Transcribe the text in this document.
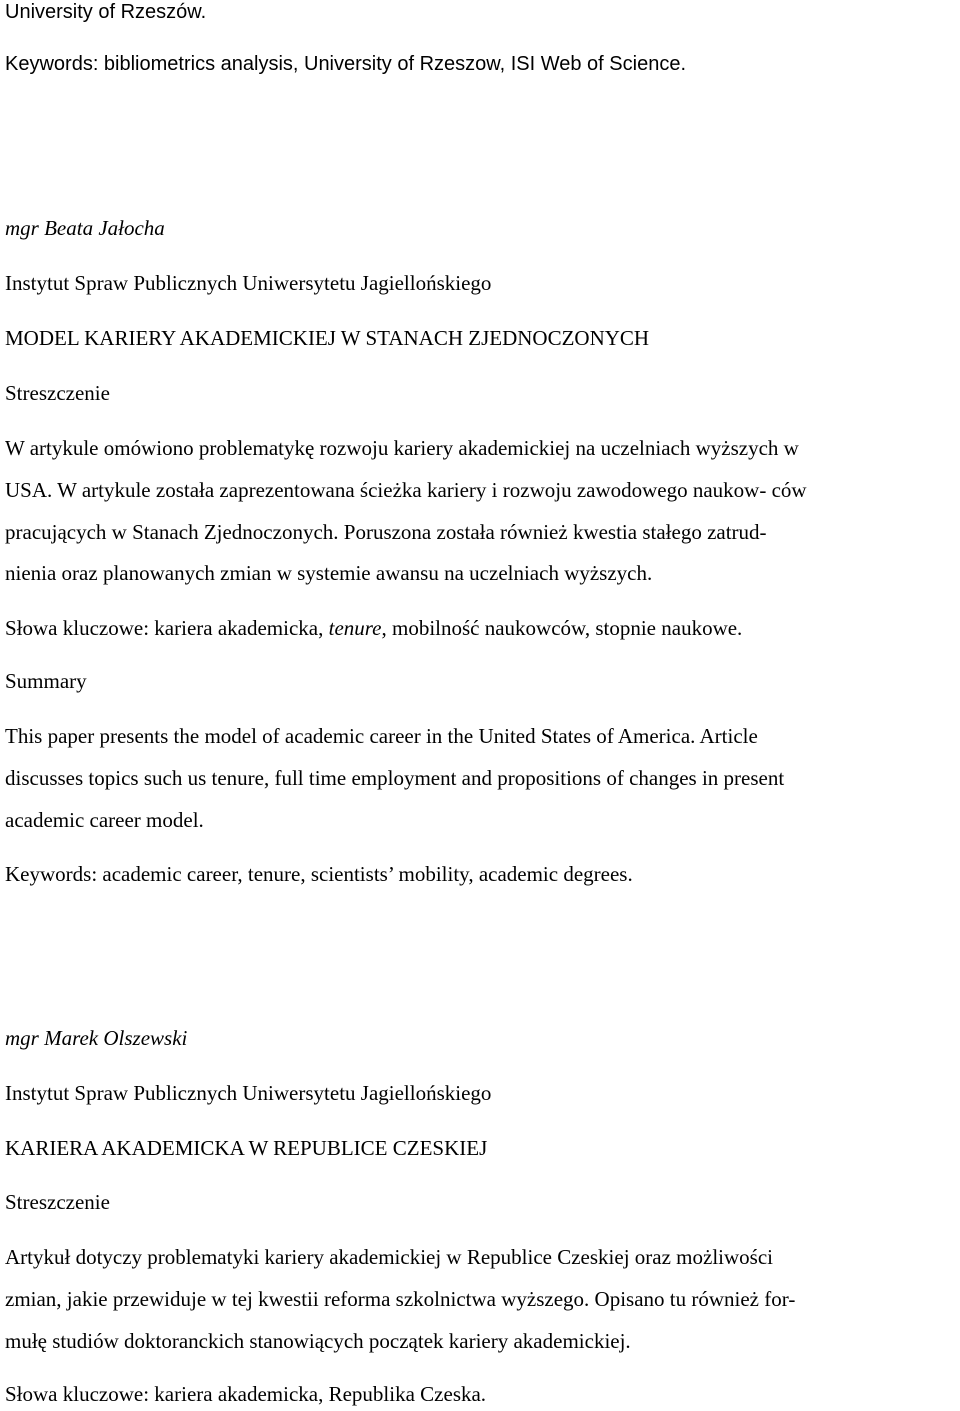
University of Rzeszów.
Keywords: bibliometrics analysis, University of Rzeszow, ISI Web of Science.
mgr Beata Jałocha
Instytut Spraw Publicznych Uniwersytetu Jagiellońskiego
MODEL KARIERY AKADEMICKIEJ W STANACH ZJEDNOCZONYCH
Streszczenie
W artykule omówiono problematykę rozwoju kariery akademickiej na uczelniach wyższych w
USA. W artykule została zaprezentowana ścieżka kariery i rozwoju zawodowego naukow- ców
pracujących w Stanach Zjednoczonych. Poruszona została również kwestia stałego zatrud-
nienia oraz planowanych zmian w systemie awansu na uczelniach wyższych.
Słowa kluczowe: kariera akademicka, tenure, mobilność naukowców, stopnie naukowe.
Summary
This paper presents the model of academic career in the United States of America. Article
discusses topics such us tenure, full time employment and propositions of changes in present
academic career model.
Keywords: academic career, tenure, scientists’ mobility, academic degrees.
mgr Marek Olszewski
Instytut Spraw Publicznych Uniwersytetu Jagiellońskiego
KARIERA AKADEMICKA W REPUBLICE CZESKIEJ
Streszczenie
Artykuł dotyczy problematyki kariery akademickiej w Republice Czeskiej oraz możliwości
zmian, jakie przewiduje w tej kwestii reforma szkolnictwa wyższego. Opisano tu również for-
mułę studiów doktoranckich stanowiących początek kariery akademickiej.
Słowa kluczowe: kariera akademicka, Republika Czeska.
